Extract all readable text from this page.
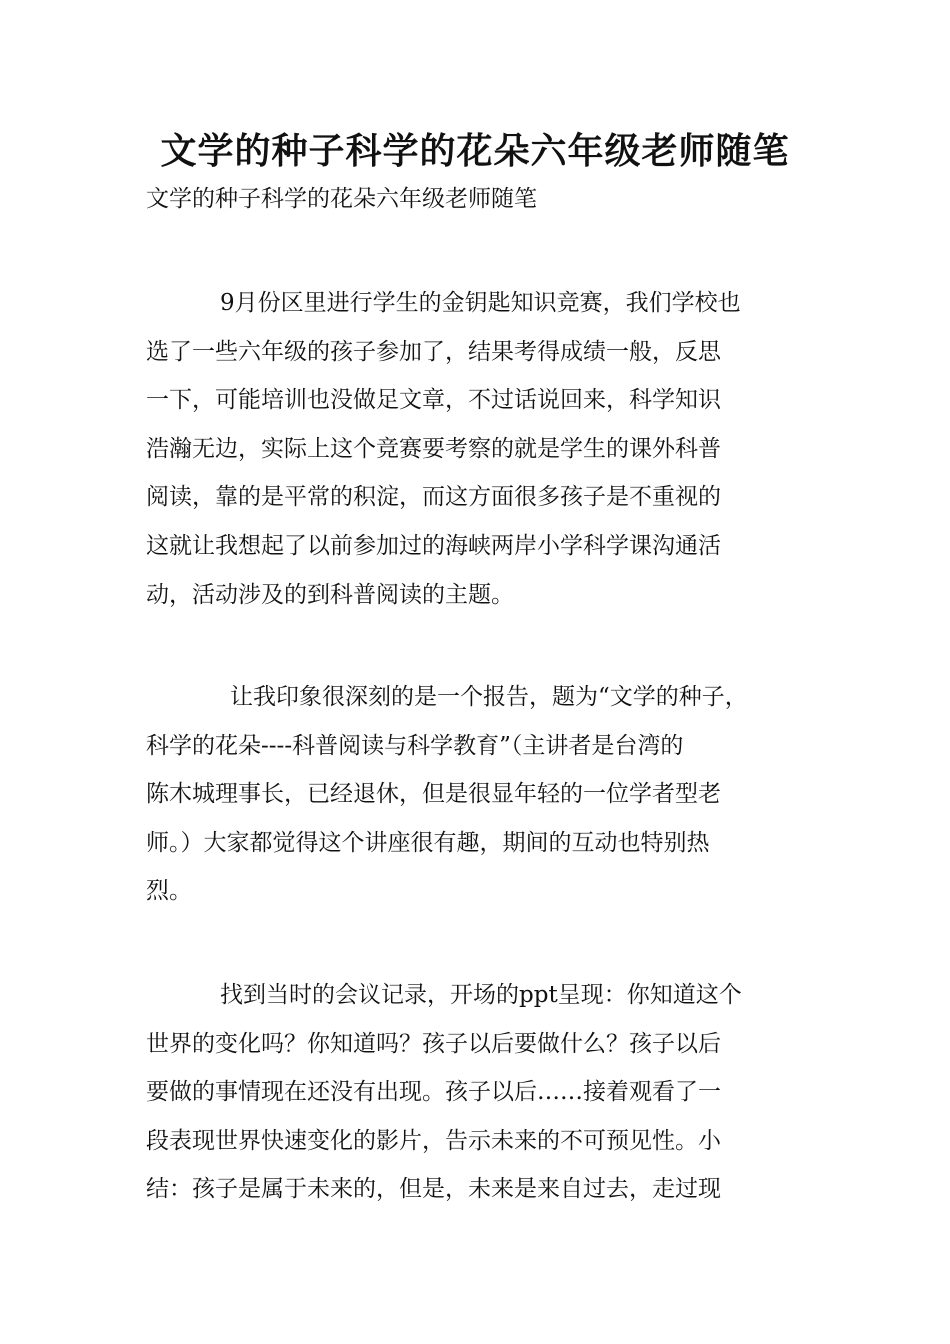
文学的种子科学的花朵六年级老师随笔

文学的种子科学的花朵六年级老师随笔

9月份区里进行学生的金钥匙知识竞赛，我们学校也
选了一些六年级的孩子参加了，结果考得成绩一般，反思
一下，可能培训也没做足文章，不过话说回来，科学知识
浩瀚无边，实际上这个竞赛要考察的就是学生的课外科普
阅读，靠的是平常的积淀，而这方面很多孩子是不重视的
这就让我想起了以前参加过的海峡两岸小学科学课沟通活
动，活动涉及的到科普阅读的主题。
让我印象很深刻的是一个报告，题为“文学的种子，
科学的花朵----科普阅读与科学教育”（主讲者是台湾的
陈木城理事长，已经退休，但是很显年轻的一位学者型老
师。）大家都觉得这个讲座很有趣，期间的互动也特别热
烈。
找到当时的会议记录，开场的ppt呈现：你知道这个
世界的变化吗？你知道吗？孩子以后要做什么？孩子以后
要做的事情现在还没有出现。孩子以后……接着观看了一
段表现世界快速变化的影片，告示未来的不可预见性。小
结：孩子是属于未来的，但是，未来是来自过去，走过现
